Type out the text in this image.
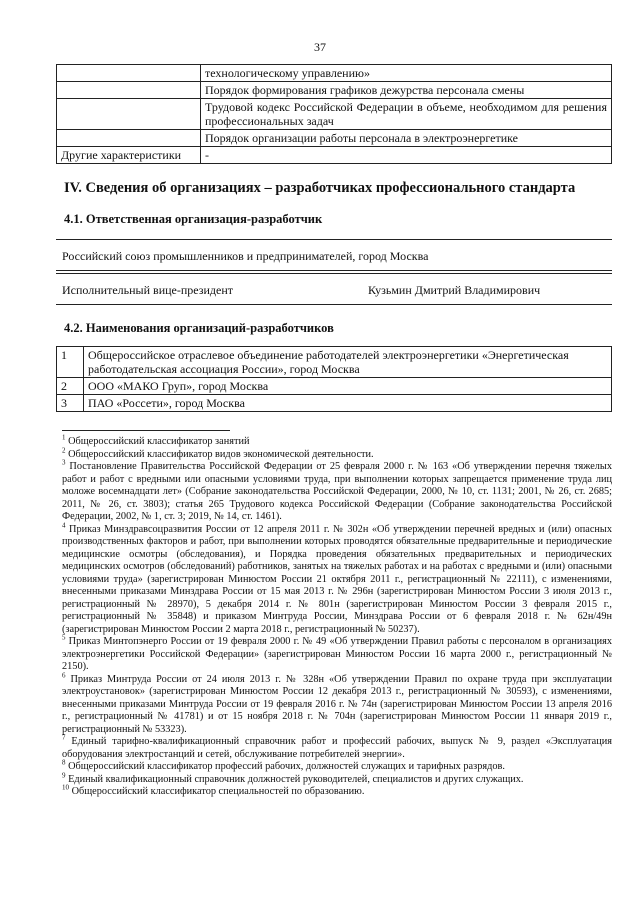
37
	технологическому управлению»
	Порядок формирования графиков дежурства персонала смены
	Трудовой кодекс Российской Федерации в объеме, необходимом для решения профессиональных задач
	Порядок организации работы персонала в электроэнергетике
Другие характеристики	-
IV. Сведения об организациях – разработчиках профессионального стандарта
4.1. Ответственная организация-разработчик
Российский союз промышленников и предпринимателей, город Москва
Исполнительный вице-президент	Кузьмин Дмитрий Владимирович
4.2. Наименования организаций-разработчиков
1	Общероссийское отраслевое объединение работодателей электроэнергетики «Энергетическая работодательская ассоциация России», город Москва
2	ООО «МАКО Груп», город Москва
3	ПАО «Россети», город Москва

$^1$ Общероссийский классификатор занятий

$^2$ Общероссийский классификатор видов экономической деятельности.

$^3$ Постановление Правительства Российской Федерации от 25 февраля 2000 г. № 163 «Об утверждении перечня тяжелых работ и работ с вредными или опасными условиями труда, при выполнении которых запрещается применение труда лиц моложе восемнадцати лет» (Собрание законодательства Российской Федерации, 2000, № 10, ст. 1131; 2001, № 26, ст. 2685; 2011, № 26, ст. 3803); статья 265 Трудового кодекса Российской Федерации (Собрание законодательства Российской Федерации, 2002, № 1, ст. 3; 2019, № 14, ст. 1461).

$^4$ Приказ Минздравсоцразвития России от 12 апреля 2011 г. № 302н «Об утверждении перечней вредных и (или) опасных производственных факторов и работ, при выполнении которых проводятся обязательные предварительные и периодические медицинские осмотры (обследования), и Порядка проведения обязательных предварительных и периодических медицинских осмотров (обследований) работников, занятых на тяжелых работах и на работах с вредными и (или) опасными условиями труда» (зарегистрирован Минюстом России 21 октября 2011 г., регистрационный № 22111), с изменениями, внесенными приказами Минздрава России от 15 мая 2013 г. № 296н (зарегистрирован Минюстом России 3 июля 2013 г., регистрационный № 28970), 5 декабря 2014 г. № 801н (зарегистрирован Минюстом России 3 февраля 2015 г., регистрационный № 35848) и приказом Минтруда России, Минздрава России от 6 февраля 2018 г. № 62н/49н (зарегистрирован Минюстом России 2 марта 2018 г., регистрационный № 50237).

$^5$ Приказ Минтопэнерго России от 19 февраля 2000 г. № 49 «Об утверждении Правил работы с персоналом в организациях электроэнергетики Российской Федерации» (зарегистрирован Минюстом России 16 марта 2000 г., регистрационный № 2150).

$^6$ Приказ Минтруда России от 24 июля 2013 г. № 328н «Об утверждении Правил по охране труда при эксплуатации электроустановок» (зарегистрирован Минюстом России 12 декабря 2013 г., регистрационный № 30593), с изменениями, внесенными приказами Минтруда России от 19 февраля 2016 г. № 74н (зарегистрирован Минюстом России 13 апреля 2016 г., регистрационный № 41781) и от 15 ноября 2018 г. № 704н (зарегистрирован Минюстом России 11 января 2019 г., регистрационный № 53323).

$^7$ Единый тарифно-квалификационный справочник работ и профессий рабочих, выпуск № 9, раздел «Эксплуатация оборудования электростанций и сетей, обслуживание потребителей энергии».

$^8$ Общероссийский классификатор профессий рабочих, должностей служащих и тарифных разрядов.

$^9$ Единый квалификационный справочник должностей руководителей, специалистов и других служащих.

$^{10}$ Общероссийский классификатор специальностей по образованию.
